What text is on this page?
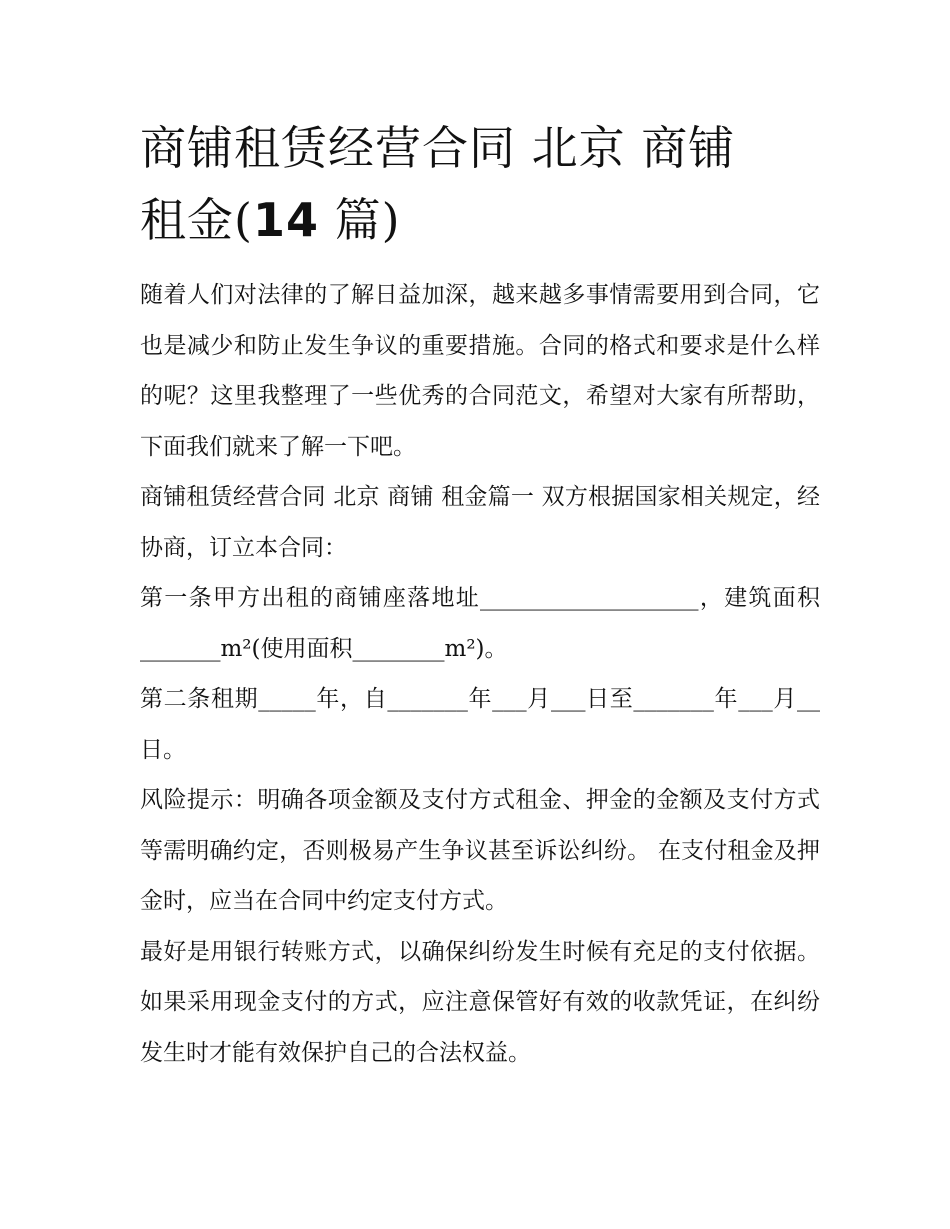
商铺租赁经营合同 北京 商铺
租金(14 篇)

随着人们对法律的了解日益加深，越来越多事情需要用到合同，它也是减少和防止发生争议的重要措施。合同的格式和要求是什么样的呢？这里我整理了一些优秀的合同范文，希望对大家有所帮助，下面我们就来了解一下吧。

商铺租赁经营合同 北京 商铺 租金篇一 双方根据国家相关规定，经协商，订立本合同：

第一条甲方出租的商铺座落地址___________________，建筑面积_______m²(使用面积________m²)。

第二条租期_____年，自_______年___月___日至_______年___月__日。

风险提示：明确各项金额及支付方式租金、押金的金额及支付方式等需明确约定，否则极易产生争议甚至诉讼纠纷。 在支付租金及押金时，应当在合同中约定支付方式。

最好是用银行转账方式，以确保纠纷发生时候有充足的支付依据。 如果采用现金支付的方式，应注意保管好有效的收款凭证，在纠纷发生时才能有效保护自己的合法权益。
